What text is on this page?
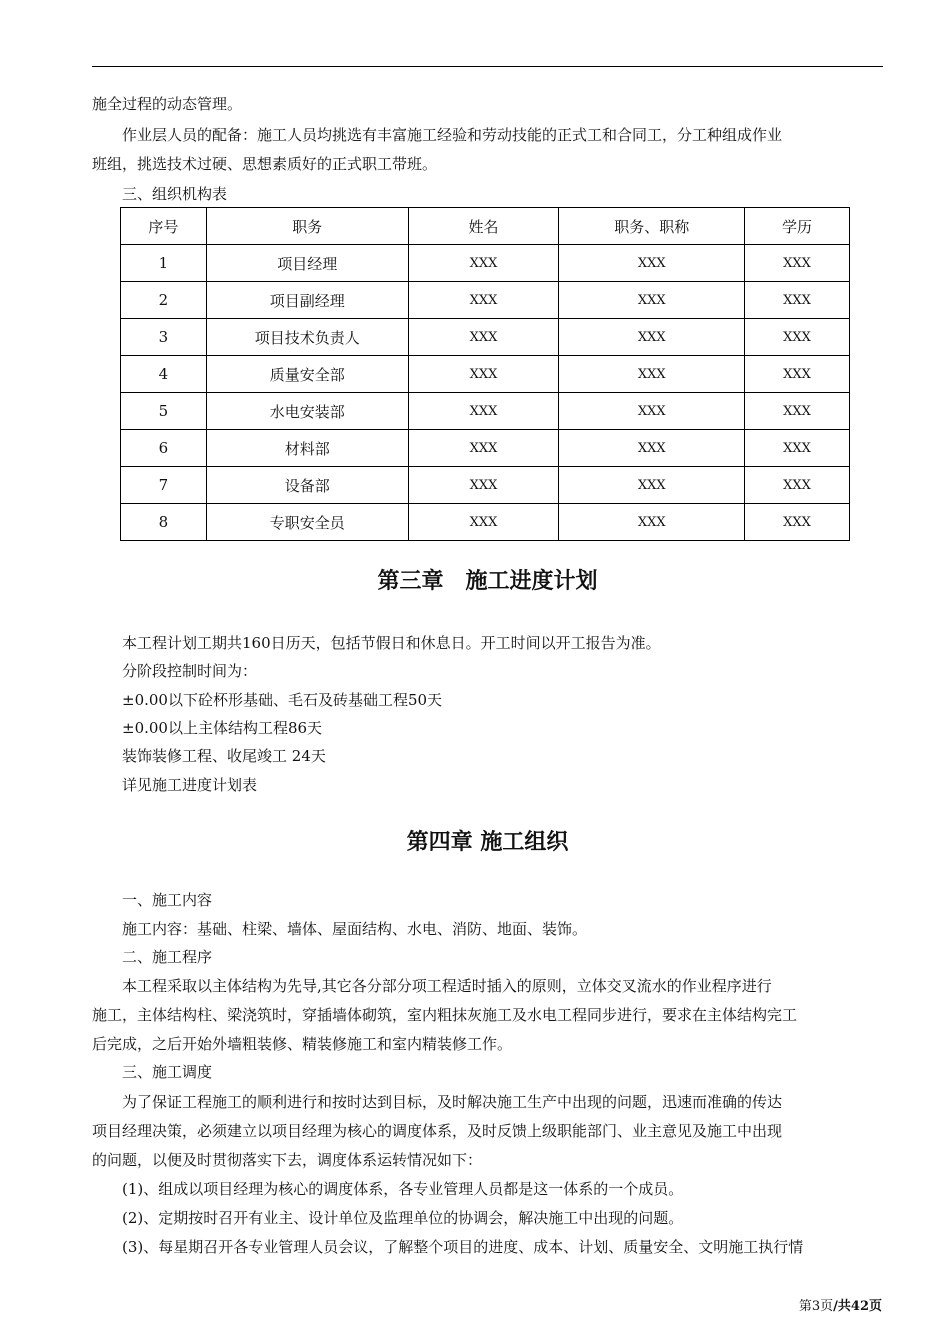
施全过程的动态管理。

作业层人员的配备：施工人员均挑选有丰富施工经验和劳动技能的正式工和合同工，分工种组成作业

班组，挑选技术过硬、思想素质好的正式职工带班。

三、组织机构表

序号	职务	姓名	职务、职称	学历
1	项目经理	XXX	XXX	XXX
2	项目副经理	XXX	XXX	XXX
3	项目技术负责人	XXX	XXX	XXX
4	质量安全部	XXX	XXX	XXX
5	水电安装部	XXX	XXX	XXX
6	材料部	XXX	XXX	XXX
7	设备部	XXX	XXX	XXX
8	专职安全员	XXX	XXX	XXX
第三章　施工进度计划

本工程计划工期共160日历天，包括节假日和休息日。开工时间以开工报告为准。

分阶段控制时间为：

±0.00以下砼杯形基础、毛石及砖基础工程50天

±0.00以上主体结构工程86天

装饰装修工程、收尾竣工 24天

详见施工进度计划表

第四章 施工组织

一、施工内容

施工内容：基础、柱梁、墙体、屋面结构、水电、消防、地面、装饰。

二、施工程序

本工程采取以主体结构为先导,其它各分部分项工程适时插入的原则，立体交叉流水的作业程序进行

施工，主体结构柱、梁浇筑时，穿插墙体砌筑，室内粗抹灰施工及水电工程同步进行，要求在主体结构完工

后完成，之后开始外墙粗装修、精装修施工和室内精装修工作。

三、施工调度

为了保证工程施工的顺利进行和按时达到目标，及时解决施工生产中出现的问题，迅速而准确的传达

项目经理决策，必须建立以项目经理为核心的调度体系，及时反馈上级职能部门、业主意见及施工中出现

的问题，以便及时贯彻落实下去，调度体系运转情况如下：

(1)、组成以项目经理为核心的调度体系，各专业管理人员都是这一体系的一个成员。

(2)、定期按时召开有业主、设计单位及监理单位的协调会，解决施工中出现的问题。

(3)、每星期召开各专业管理人员会议，了解整个项目的进度、成本、计划、质量安全、文明施工执行情

第3页/共42页
